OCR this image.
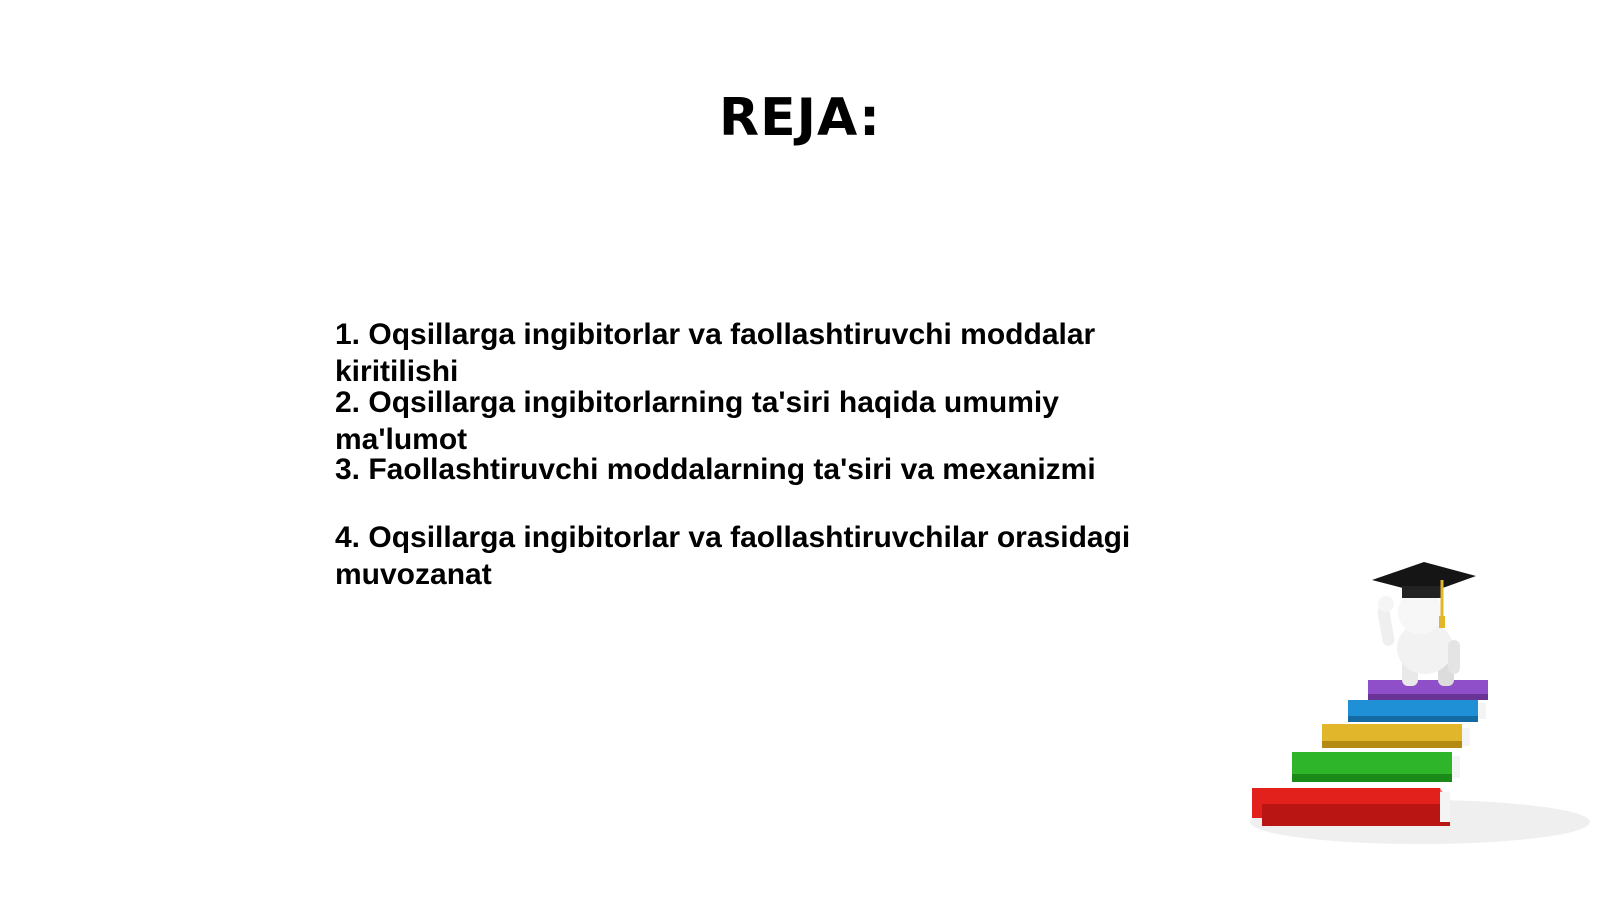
REJA:
1. Oqsillarga ingibitorlar va faollashtiruvchi moddalar kiritilishi
2. Oqsillarga ingibitorlarning ta'siri haqida umumiy ma'lumot
3. Faollashtiruvchi moddalarning ta'siri va mexanizmi
4. Oqsillarga ingibitorlar va faollashtiruvchilar orasidagi muvozanat
